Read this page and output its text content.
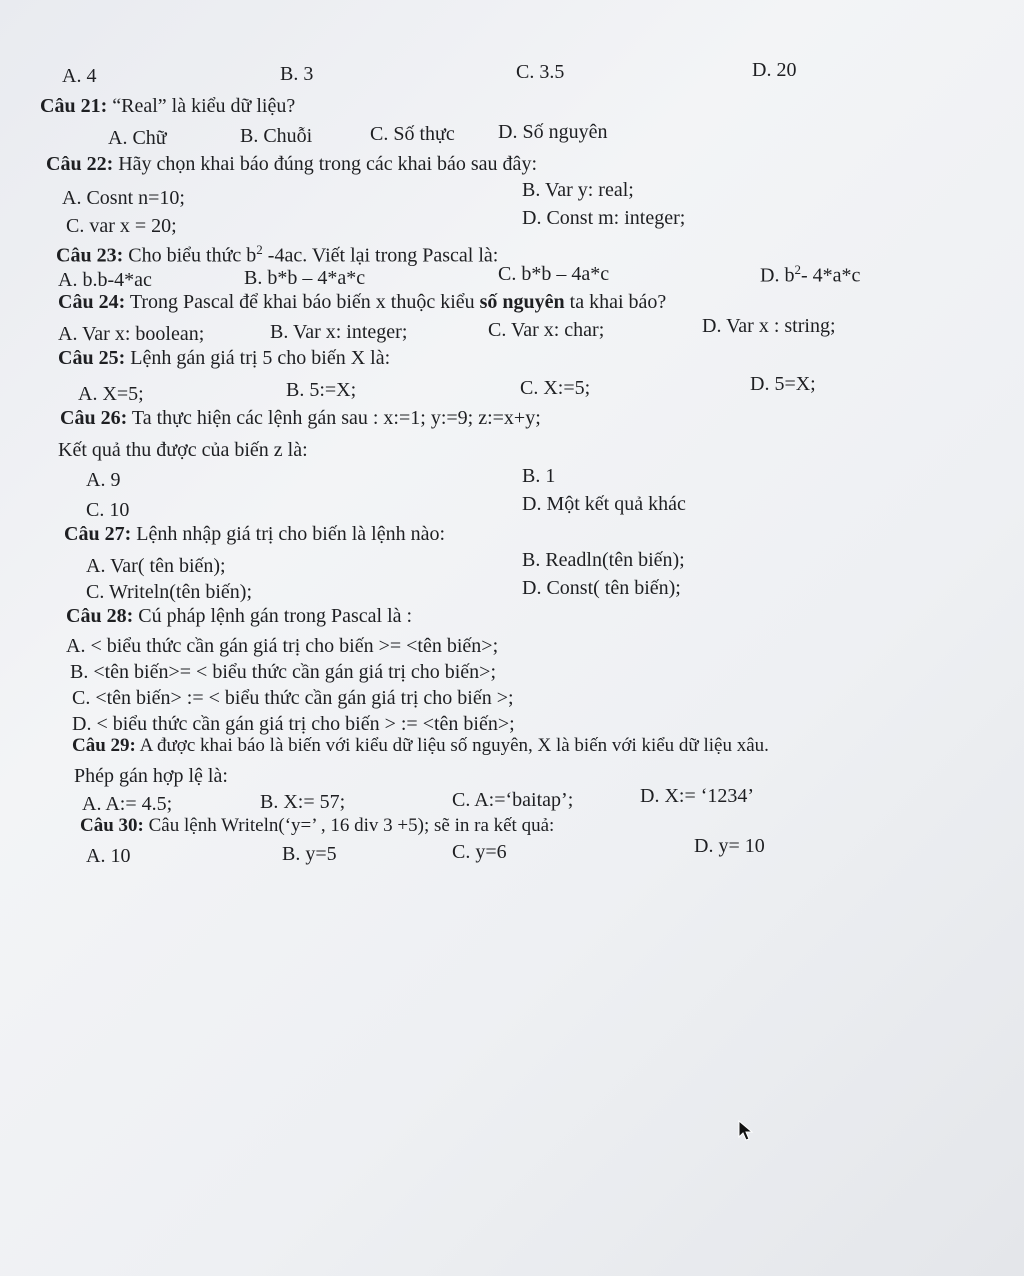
A. 4	B. 3	C. 3.5	D. 20
Câu 21: “Real” là kiểu dữ liệu?
A. Chữ	B. Chuỗi	C. Số thực D. Số nguyên
Câu 22: Hãy chọn khai báo đúng trong các khai báo sau đây:
A. Cosnt n=10;	B. Var y: real;
C. var x = 20;	D. Const m: integer;
Câu 23: Cho biểu thức $b^2$ -4ac. Viết lại trong Pascal là:
A. b.b-4*ac	B. b*b – 4*a*c	C. b*b – 4a*c	D. $b^2-$ 4*a*c
Câu 24: Trong Pascal để khai báo biến x thuộc kiểu số nguyên ta khai báo?
A. Var x: boolean;	B. Var x: integer;	C. Var x: char;	D. Var x : string;
Câu 25: Lệnh gán giá trị 5 cho biến X là:
A. X=5;	B. 5:=X;	C. X:=5;	D. 5=X;
Câu 26: Ta thực hiện các lệnh gán sau : x:=1; y:=9; z:=x+y;
Kết quả thu được của biến z là:
A. 9	B. 1
C. 10	D. Một kết quả khác
Câu 27: Lệnh nhập giá trị cho biến là lệnh nào:
A. Var( tên biến);	B. Readln(tên biến);
C. Writeln(tên biến);	D. Const( tên biến);
Câu 28: Cú pháp lệnh gán trong Pascal là :
A. < biểu thức cần gán giá trị cho biến >= <tên biến>;
B. <tên biến>= < biểu thức cần gán giá trị cho biến>;
C. <tên biến> := < biểu thức cần gán giá trị cho biến >;
D. < biểu thức cần gán giá trị cho biến > := <tên biến>;
Câu 29: A được khai báo là biến với kiểu dữ liệu số nguyên, X là biến với kiểu dữ liệu xâu.
Phép gán hợp lệ là:
A. A:= 4.5;	B. X:= 57;	C. A:=‘baitap’;	D. X:= ‘1234’
Câu 30: Câu lệnh Writeln(‘y=’ , 16 div 3 +5); sẽ in ra kết quả:
A. 10	B. y=5	C. y=6	D. y= 10
